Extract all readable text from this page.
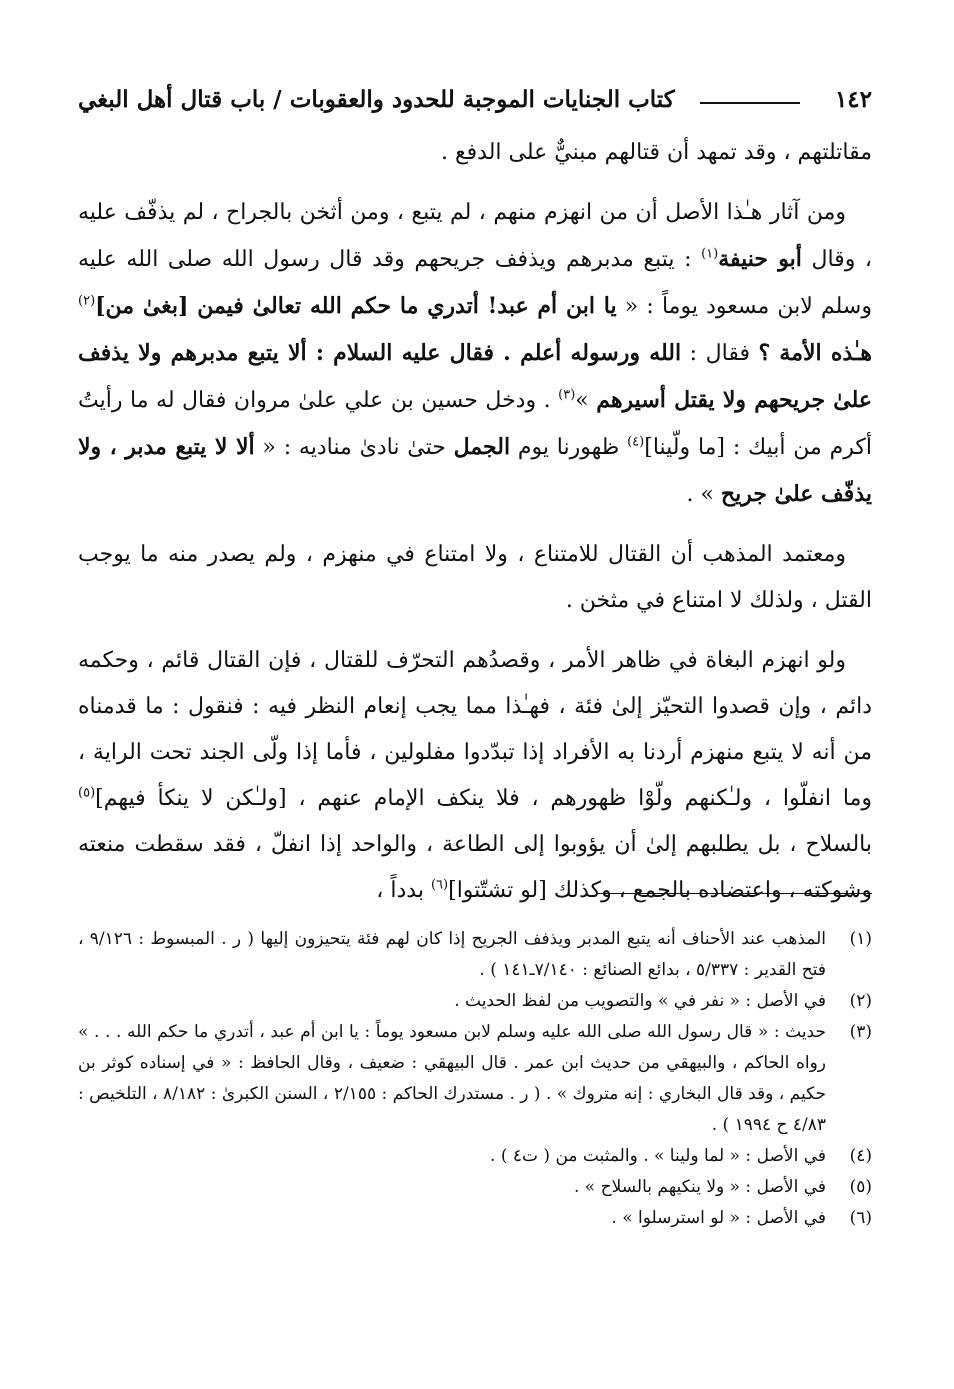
١٤٢
كتاب الجنايات الموجبة للحدود والعقوبات / باب قتال أهل البغي

مقاتلتهم ، وقد تمهد أن قتالهم مبنيٌّ على الدفع .

ومن آثار هـٰذا الأصل أن من انهزم منهم ، لم يتبع ، ومن أثخن بالجراح ، لم يذفّف عليه ، وقال أبو حنيفة$^{(١)}$ : يتبع مدبرهم ويذفف جريحهم وقد قال رسول الله صلى الله عليه وسلم لابن مسعود يوماً : « يا ابن أم عبد! أتدري ما حكم الله تعالىٰ فيمن [بغىٰ من]$^{(٢)}$ هـٰذه الأمة ؟ فقال : الله ورسوله أعلم . فقال عليه السلام : ألا يتبع مدبرهم ولا يذفف علىٰ جريحهم ولا يقتل أسيرهم »$^{(٣)}$ . ودخل حسين بن علي علىٰ مروان فقال له ما رأيتُ أكرم من أبيك : [ما ولّينا]$^{(٤)}$ ظهورنا يوم الجمل حتىٰ نادىٰ مناديه : « ألا لا يتبع مدبر ، ولا يذفّف علىٰ جريح » .

ومعتمد المذهب أن القتال للامتناع ، ولا امتناع في منهزم ، ولم يصدر منه ما يوجب القتل ، ولذلك لا امتناع في مثخن .

ولو انهزم البغاة في ظاهر الأمر ، وقصدُهم التحرّف للقتال ، فإن القتال قائم ، وحكمه دائم ، وإن قصدوا التحيّز إلىٰ فئة ، فهـٰذا مما يجب إنعام النظر فيه : فنقول : ما قدمناه من أنه لا يتبع منهزم أردنا به الأفراد إذا تبدّدوا مفلولين ، فأما إذا ولّى الجند تحت الراية ، وما انفلّوا ، ولـٰكنهم ولّوْا ظهورهم ، فلا ينكف الإمام عنهم ، [ولـٰكن لا ينكأ فيهم]$^{(٥)}$ بالسلاح ، بل يطلبهم إلىٰ أن يؤوبوا إلى الطاعة ، والواحد إذا انفلّ ، فقد سقطت منعته وشوكته ، واعتضاده بالجمع ، وكذلك [لو تشتّتوا]$^{(٦)}$ بدداً ،

(١)
المذهب عند الأحناف أنه يتبع المدبر ويذفف الجريح إذا كان لهم فئة يتحيزون إليها ( ر . المبسوط : ٩/١٢٦ ، فتح القدير : ٥/٣٣٧ ، بدائع الصنائع : ٧/١٤٠ـ١٤١ ) .
(٢)
في الأصل : « نفر في » والتصويب من لفظ الحديث .
(٣)
حديث : « قال رسول الله صلى الله عليه وسلم لابن مسعود يوماً : يا ابن أم عبد ، أتدري ما حكم الله . . . » رواه الحاكم ، والبيهقي من حديث ابن عمر . قال البيهقي : ضعيف ، وقال الحافظ : « في إسناده كوثر بن حكيم ، وقد قال البخاري : إنه متروك » . ( ر . مستدرك الحاكم : ٢/١٥٥ ، السنن الكبرىٰ : ٨/١٨٢ ، التلخيص : ٤/٨٣ ح ١٩٩٤ ) .
(٤)
في الأصل : « لما ولينا » . والمثبت من ( ت٤ ) .
(٥)
في الأصل : « ولا ينكيهم بالسلاح » .
(٦)
في الأصل : « لو استرسلوا » .
